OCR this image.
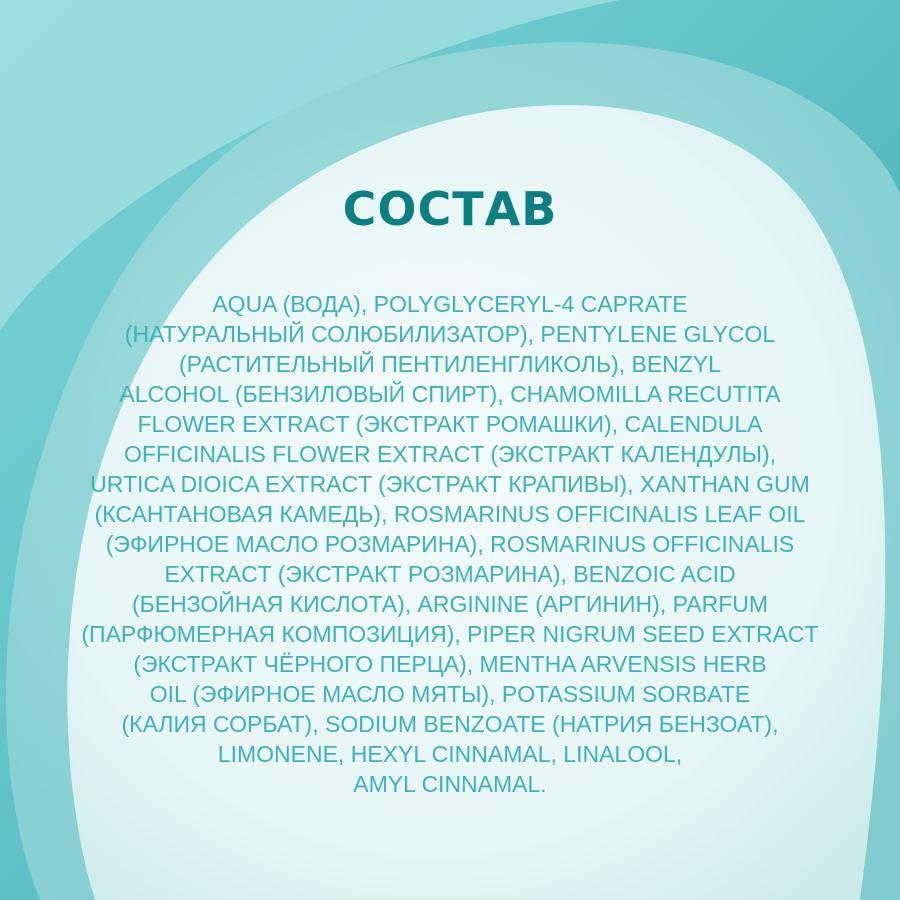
СОСТАВ

AQUA (ВОДА), POLYGLYCERYL-4 CAPRATE
(НАТУРАЛЬНЫЙ СОЛЮБИЛИЗАТОР), PENTYLENE GLYCOL
(РАСТИТЕЛЬНЫЙ ПЕНТИЛЕНГЛИКОЛЬ), BENZYL
ALCOHOL (БЕНЗИЛОВЫЙ СПИРТ), CHAMOMILLA RECUTITA
FLOWER EXTRACT (ЭКСТРАКТ РОМАШКИ), CALENDULA
OFFICINALIS FLOWER EXTRACT (ЭКСТРАКТ КАЛЕНДУЛЫ),
URTICA DIOICA EXTRACT (ЭКСТРАКТ КРАПИВЫ), XANTHAN GUM
(КСАНТАНОВАЯ КАМЕДЬ), ROSMARINUS OFFICINALIS LEAF OIL
(ЭФИРНОЕ МАСЛО РОЗМАРИНА), ROSMARINUS OFFICINALIS
EXTRACT (ЭКСТРАКТ РОЗМАРИНА), BENZOIC ACID
(БЕНЗОЙНАЯ КИСЛОТА), ARGININE (АРГИНИН), PARFUM
(ПАРФЮМЕРНАЯ КОМПОЗИЦИЯ), PIPER NIGRUM SEED EXTRACT
(ЭКСТРАКТ ЧЁРНОГО ПЕРЦА), MENTHA ARVENSIS HERB
OIL (ЭФИРНОЕ МАСЛО МЯТЫ), POTASSIUM SORBATE
(КАЛИЯ СОРБАТ), SODIUM BENZOATE (НАТРИЯ БЕНЗОАТ),
LIMONENE, HEXYL CINNAMAL, LINALOOL,
AMYL CINNAMAL.
